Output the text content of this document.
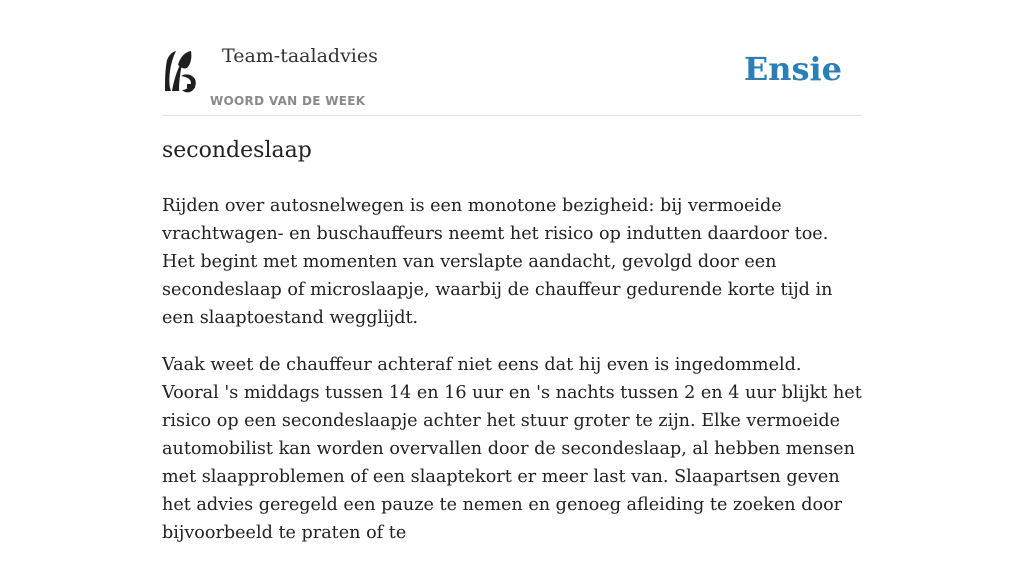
Team-taaladvies
WOORD VAN DE WEEK
Ensie
secondeslaap

Rijden over autosnelwegen is een monotone bezigheid: bij vermoeide vrachtwagen- en buschauffeurs neemt het risico op indutten daardoor toe. Het begint met momenten van verslapte aandacht, gevolgd door een secondeslaap of microslaapje, waarbij de chauffeur gedurende korte tijd in een slaaptoestand wegglijdt.

Vaak weet de chauffeur achteraf niet eens dat hij even is ingedommeld. Vooral 's middags tussen 14 en 16 uur en 's nachts tussen 2 en 4 uur blijkt het risico op een secondeslaapje achter het stuur groter te zijn. Elke vermoeide automobilist kan worden overvallen door de secondeslaap, al hebben mensen met slaapproblemen of een slaaptekort er meer last van. Slaapartsen geven het advies geregeld een pauze te nemen en genoeg afleiding te zoeken door bijvoorbeeld te praten of te
